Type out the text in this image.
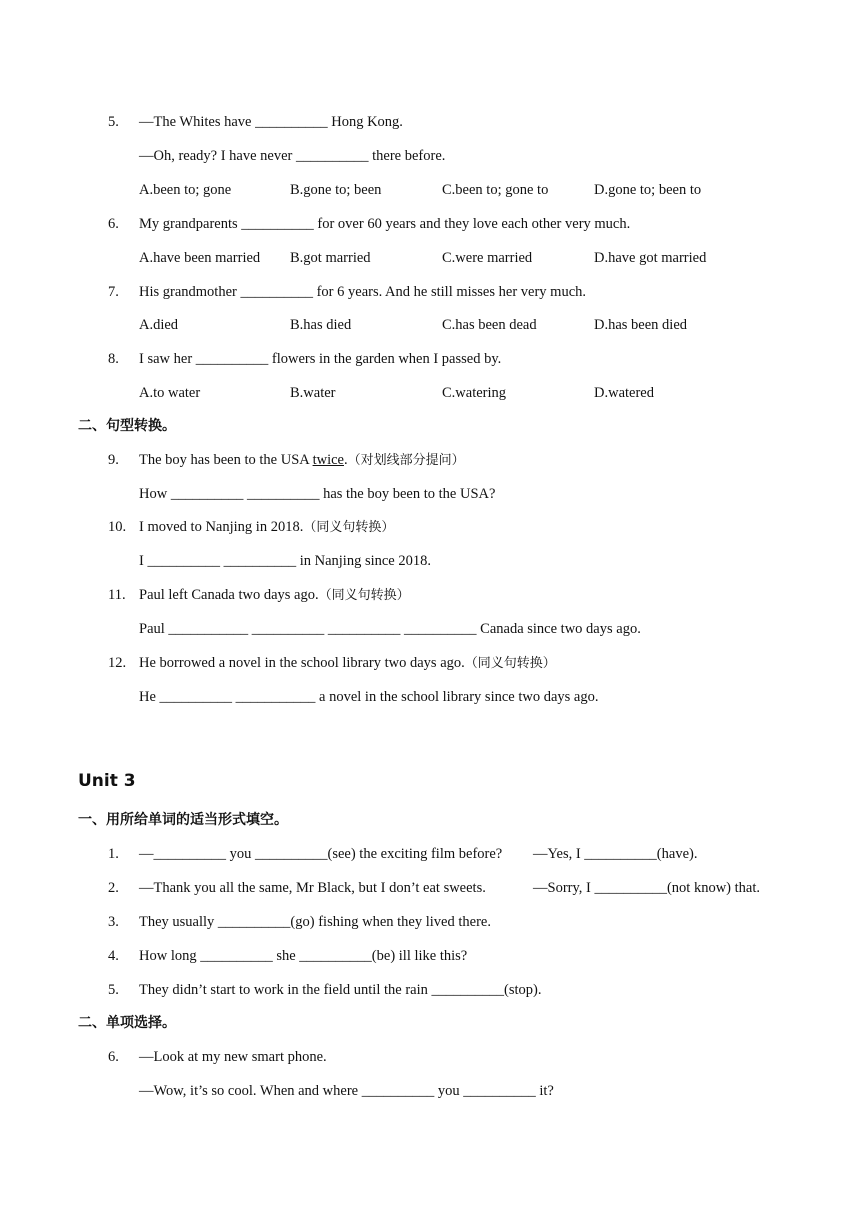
5. —The Whites have __________ Hong Kong.
—Oh, ready? I have never __________ there before.
A.been to; gone	B.gone to; been	C.been to; gone to	D.gone to; been to
6. My grandparents __________ for over 60 years and they love each other very much.
A.have been married B.got married	C.were married	D.have got married
7. His grandmother __________ for 6 years. And he still misses her very much.
A.died	B.has died	C.has been dead	D.has been died
8. I saw her __________ flowers in the garden when I passed by.
A.to water	B.water	C.watering	D.watered
二、句型转换。
9. The boy has been to the USA twice.（对划线部分提问）
How __________ __________ has the boy been to the USA?
10. I moved to Nanjing in 2018.（同义句转换）
I __________ __________ in Nanjing since 2018.
11. Paul left Canada two days ago.（同义句转换）
Paul ___________ __________ __________ __________ Canada since two days ago.
12. He borrowed a novel in the school library two days ago.（同义句转换）
He __________ ___________ a novel in the school library since two days ago.
Unit 3
一、用所给单词的适当形式填空。
1. —__________ you __________(see) the exciting film before? —Yes, I __________(have).
2. —Thank you all the same, Mr Black, but I don’t eat sweets.	—Sorry, I __________(not know) that.
3. They usually __________(go) fishing when they lived there.
4. How long __________ she __________(be) ill like this?
5. They didn’t start to work in the field until the rain __________(stop).
二、单项选择。
6. —Look at my new smart phone.
—Wow, it’s so cool. When and where __________ you __________ it?
